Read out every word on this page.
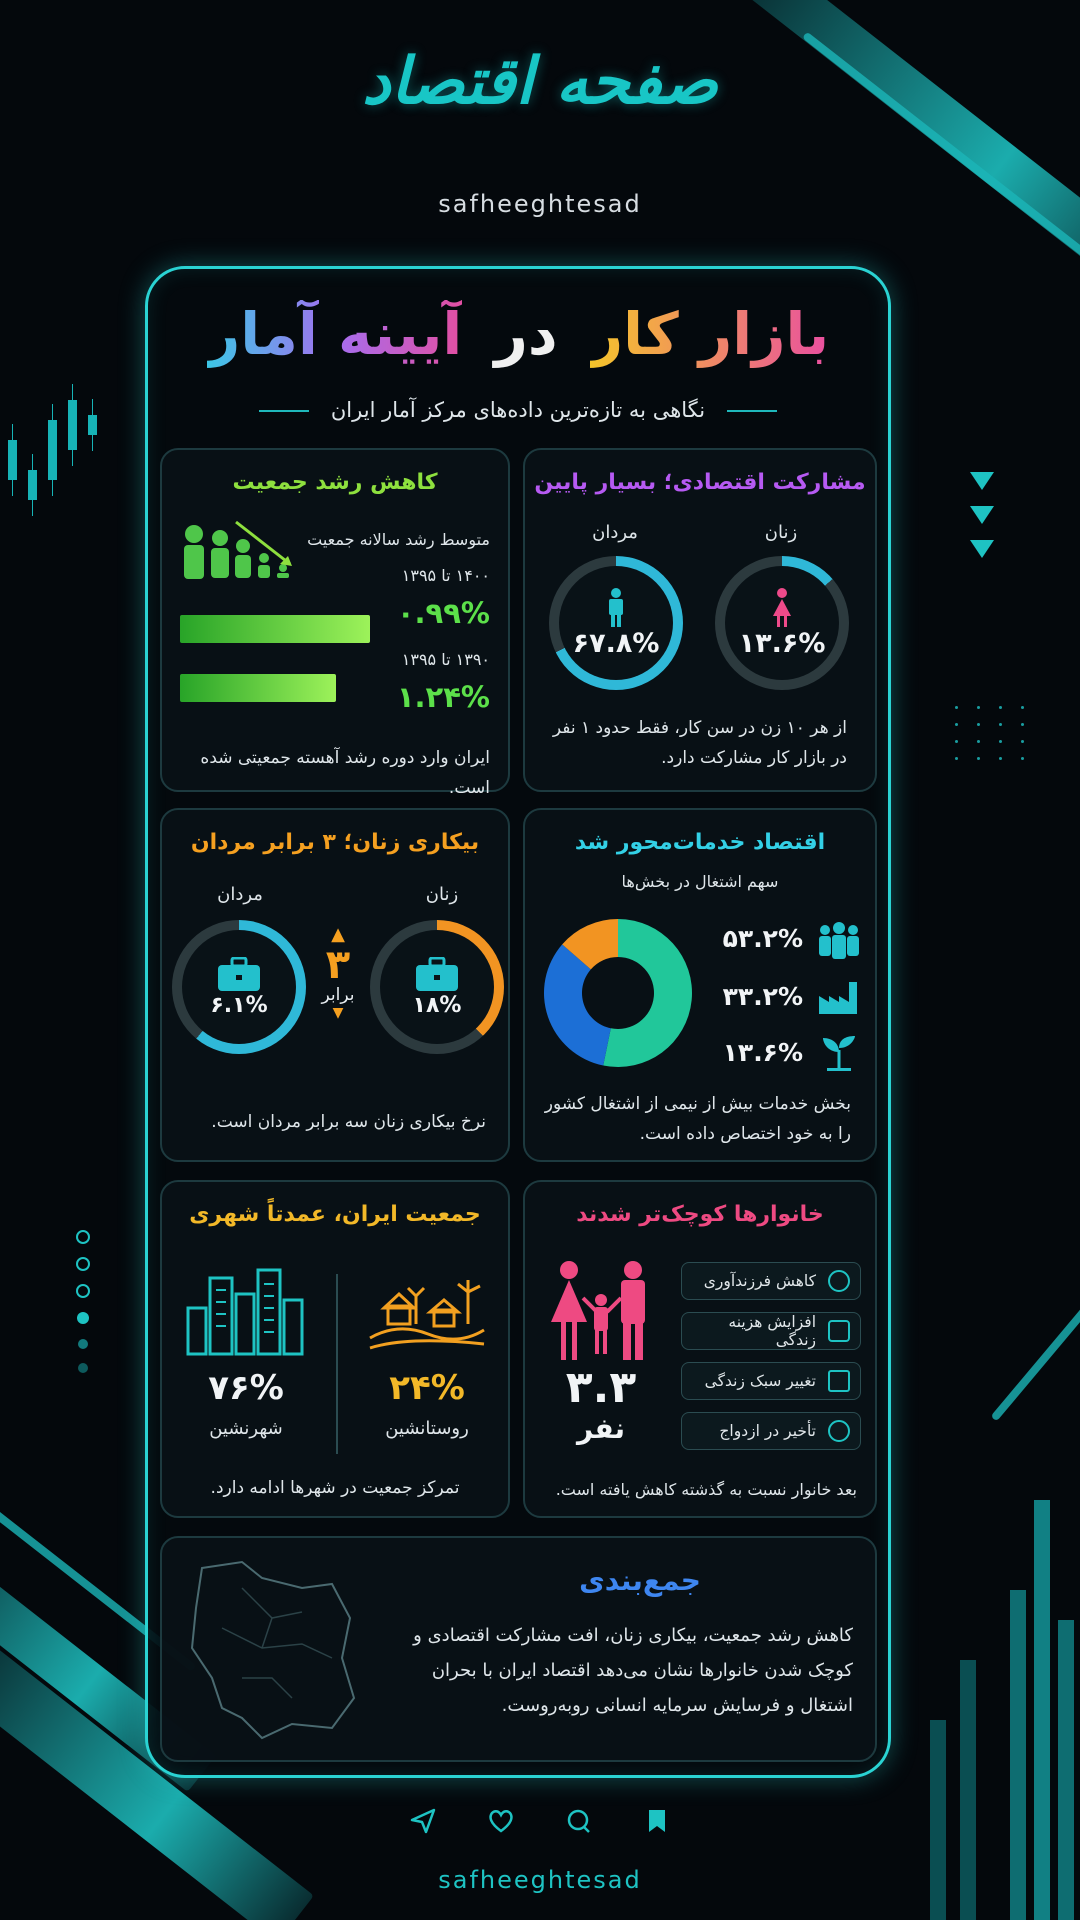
صفحه اقتصاد
safheeghtesad
بازار کار در آیینه آمار
نگاهی به تازه‌ترین داده‌های مرکز آمار ایران
مشارکت اقتصادی؛ بسیار پایین
زنان
مردان
۱۳.۶%
۶۷.۸%
از هر ۱۰ زن در سن کار، فقط حدود ۱ نفر
در بازار کار مشارکت دارد.
کاهش رشد جمعیت
متوسط رشد سالانه جمعیت
۱۴۰۰ تا ۱۳۹۵
۰.۹۹%
۱۳۹۰ تا ۱۳۹۵
۱.۲۴%
ایران وارد دوره رشد آهسته جمعیتی شده است.
اقتصاد خدمات‌محور شد
سهم اشتغال در بخش‌ها
۵۳.۲%
۳۳.۲%
۱۳.۶%
بخش خدمات بیش از نیمی از اشتغال کشور
را به خود اختصاص داده است.
بیکاری زنان؛ ۳ برابر مردان
زنان
مردان
۱۸%
۶.۱%
▲
۳
برابر
▼
نرخ بیکاری زنان سه برابر مردان است.
خانوارها کوچک‌تر شدند
۳.۳
نفر
کاهش فرزندآوری
افزایش هزینه زندگی
تغییر سبک زندگی
تأخیر در ازدواج
بعد خانوار نسبت به گذشته کاهش یافته است.
جمعیت ایران، عمدتاً شهری
۲۴%
روستانشین
۷۶%
شهرنشین
تمرکز جمعیت در شهرها ادامه دارد.
جمع‌بندی
کاهش رشد جمعیت، بیکاری زنان، افت مشارکت اقتصادی و
کوچک شدن خانوارها نشان می‌دهد اقتصاد ایران با بحران
اشتغال و فرسایش سرمایه انسانی روبه‌روست.
safheeghtesad
